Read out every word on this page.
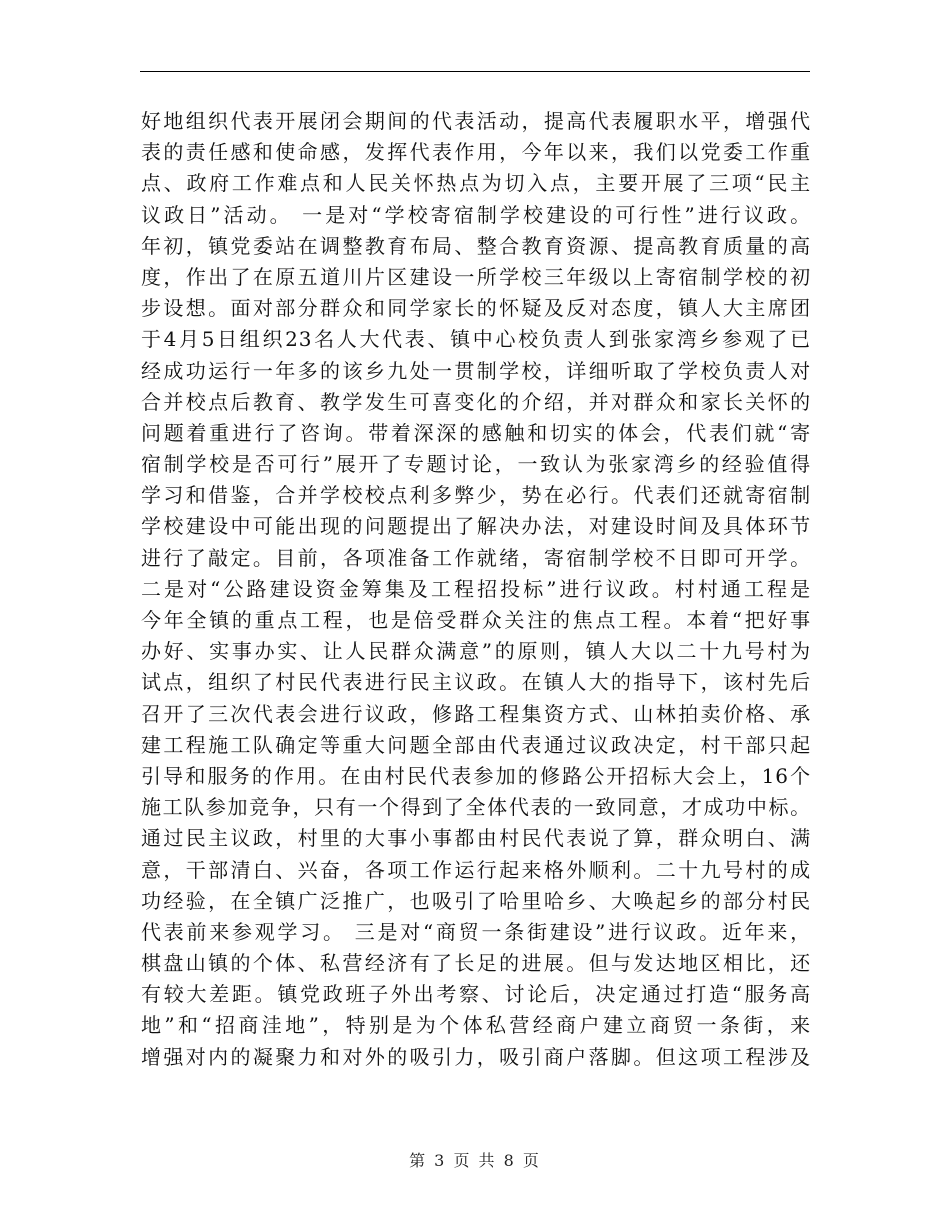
好地组织代表开展闭会期间的代表活动，提高代表履职水平，增强代
表的责任感和使命感，发挥代表作用，今年以来，我们以党委工作重
点、政府工作难点和人民关怀热点为切入点，主要开展了三项“民主
议政日”活动。 一是对“学校寄宿制学校建设的可行性”进行议政。
年初，镇党委站在调整教育布局、整合教育资源、提高教育质量的高
度，作出了在原五道川片区建设一所学校三年级以上寄宿制学校的初
步设想。面对部分群众和同学家长的怀疑及反对态度，镇人大主席团
于4月5日组织23名人大代表、镇中心校负责人到张家湾乡参观了已
经成功运行一年多的该乡九处一贯制学校，详细听取了学校负责人对
合并校点后教育、教学发生可喜变化的介绍，并对群众和家长关怀的
问题着重进行了咨询。带着深深的感触和切实的体会，代表们就“寄
宿制学校是否可行”展开了专题讨论，一致认为张家湾乡的经验值得
学习和借鉴，合并学校校点利多弊少，势在必行。代表们还就寄宿制
学校建设中可能出现的问题提出了解决办法，对建设时间及具体环节
进行了敲定。目前，各项准备工作就绪，寄宿制学校不日即可开学。
二是对“公路建设资金筹集及工程招投标”进行议政。村村通工程是
今年全镇的重点工程，也是倍受群众关注的焦点工程。本着“把好事
办好、实事办实、让人民群众满意”的原则，镇人大以二十九号村为
试点，组织了村民代表进行民主议政。在镇人大的指导下，该村先后
召开了三次代表会进行议政，修路工程集资方式、山林拍卖价格、承
建工程施工队确定等重大问题全部由代表通过议政决定，村干部只起
引导和服务的作用。在由村民代表参加的修路公开招标大会上，16个
施工队参加竞争，只有一个得到了全体代表的一致同意，才成功中标。
通过民主议政，村里的大事小事都由村民代表说了算，群众明白、满
意，干部清白、兴奋，各项工作运行起来格外顺利。二十九号村的成
功经验，在全镇广泛推广，也吸引了哈里哈乡、大唤起乡的部分村民
代表前来参观学习。 三是对“商贸一条街建设”进行议政。近年来，
棋盘山镇的个体、私营经济有了长足的进展。但与发达地区相比，还
有较大差距。镇党政班子外出考察、讨论后，决定通过打造“服务高
地”和“招商洼地”，特别是为个体私营经商户建立商贸一条街，来
增强对内的凝聚力和对外的吸引力，吸引商户落脚。但这项工程涉及
第 3 页 共 8 页
